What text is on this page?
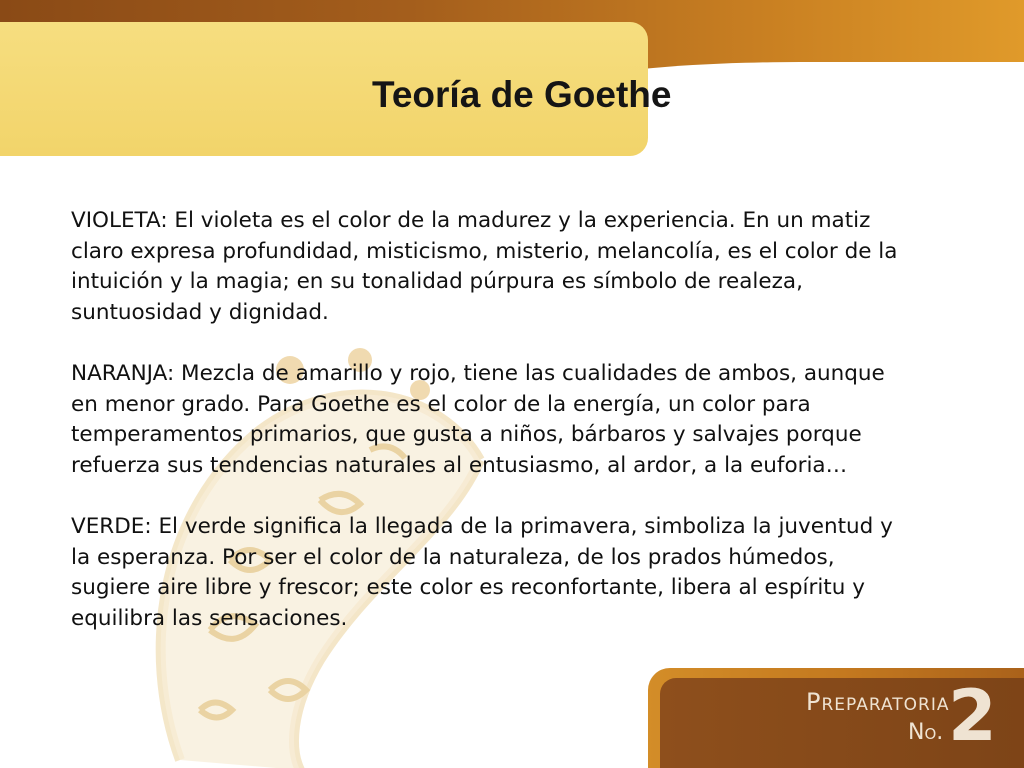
Teoría de Goethe

VIOLETA: El violeta es el color de la madurez y la experiencia. En un matiz claro expresa profundidad, misticismo, misterio, melancolía, es el color de la intuición y la magia; en su tonalidad púrpura es símbolo de realeza, suntuosidad y dignidad.

NARANJA: Mezcla de amarillo y rojo, tiene las cualidades de ambos, aunque en menor grado. Para Goethe es el color de la energía, un color para temperamentos primarios, que gusta a niños, bárbaros y salvajes porque refuerza sus tendencias naturales al entusiasmo, al ardor, a la euforia…

VERDE: El verde significa la llegada de la primavera, simboliza la juventud y la esperanza. Por ser el color de la naturaleza, de los prados húmedos, sugiere aire libre y frescor; este color es reconfortante, libera al espíritu y equilibra las sensaciones.

Preparatoria
No. 2
